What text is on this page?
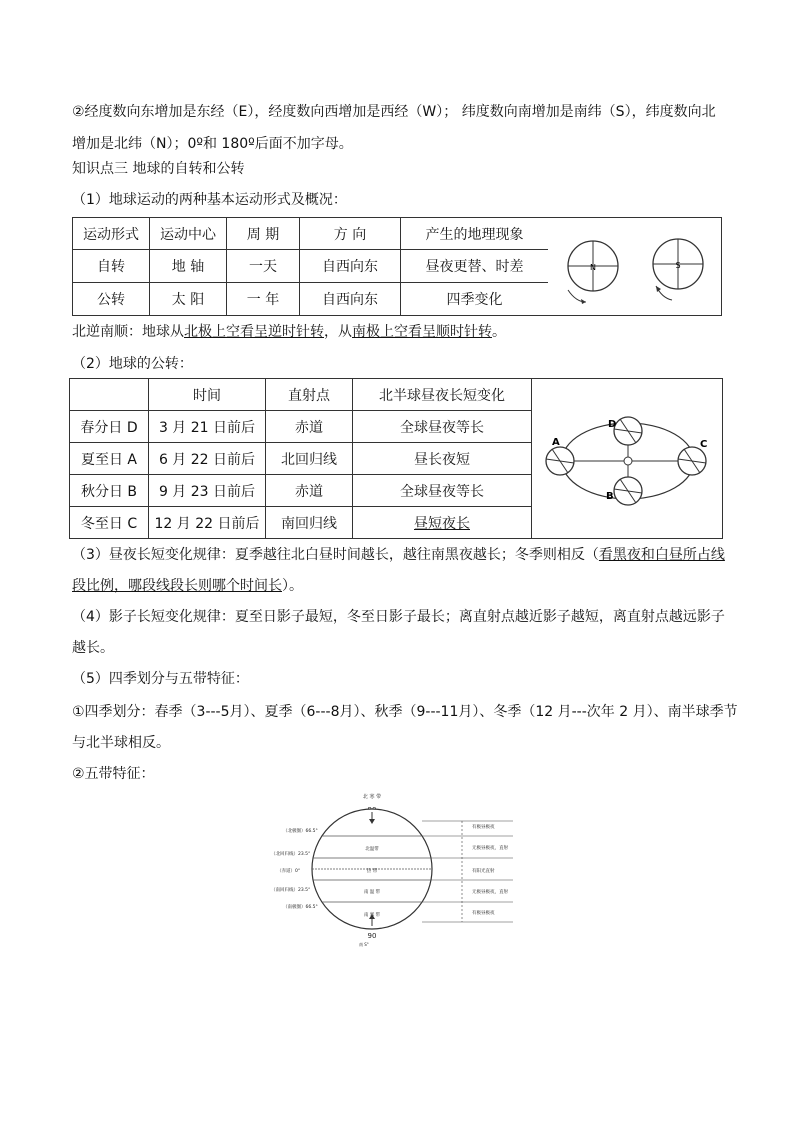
②经度数向东增加是东经（E），经度数向西增加是西经（W）； 纬度数向南增加是南纬（S），纬度数向北
增加是北纬（N）；0º和 180º后面不加字母。
知识点三 地球的自转和公转
（1）地球运动的两种基本运动形式及概况：
运动形式	运动中心	周 期	方 向	产生的地理现象
自转	地 轴	一天	自西向东	昼夜更替、时差
公转	太 阳	一 年	自西向东	四季变化
N	S
北逆南顺：地球从北极上空看呈逆时针转，从南极上空看呈顺时针转。
（2）地球的公转：
	时间	直射点	北半球昼夜长短变化
春分日 D	3 月 21 日前后	赤道	全球昼夜等长
夏至日 A	6 月 22 日前后	北回归线	昼长夜短
秋分日 B	9 月 23 日前后	赤道	全球昼夜等长
冬至日 C	12 月 22 日前后	南回归线	昼短夜长
A	C
D
B
（3）昼夜长短变化规律：夏季越往北白昼时间越长，越往南黑夜越长；冬季则相反（看黑夜和白昼所占线
段比例，哪段线段长则哪个时间长）。
（4）影子长短变化规律：夏至日影子最短，冬至日影子最长；离直射点越近影子越短，离直射点越远影子
越长。
（5）四季划分与五带特征：
①四季划分：春季（3---5月）、夏季（6---8月）、秋季（9---11月）、冬季（12 月---次年 2 月）、南半球季节
与北半球相反。
②五带特征：
北 寒 带
90
南 S°
（北极圈）66.5°
（北回归线）23.5°
（赤道）0°
（南回归线）23.5°
（南极圈）66.5°
北温带
热 带
南 温 带
南 寒 带
有极昼极夜
无极昼极夜，直射
有阳光直射
无极昼极夜，直射
有极昼极夜
